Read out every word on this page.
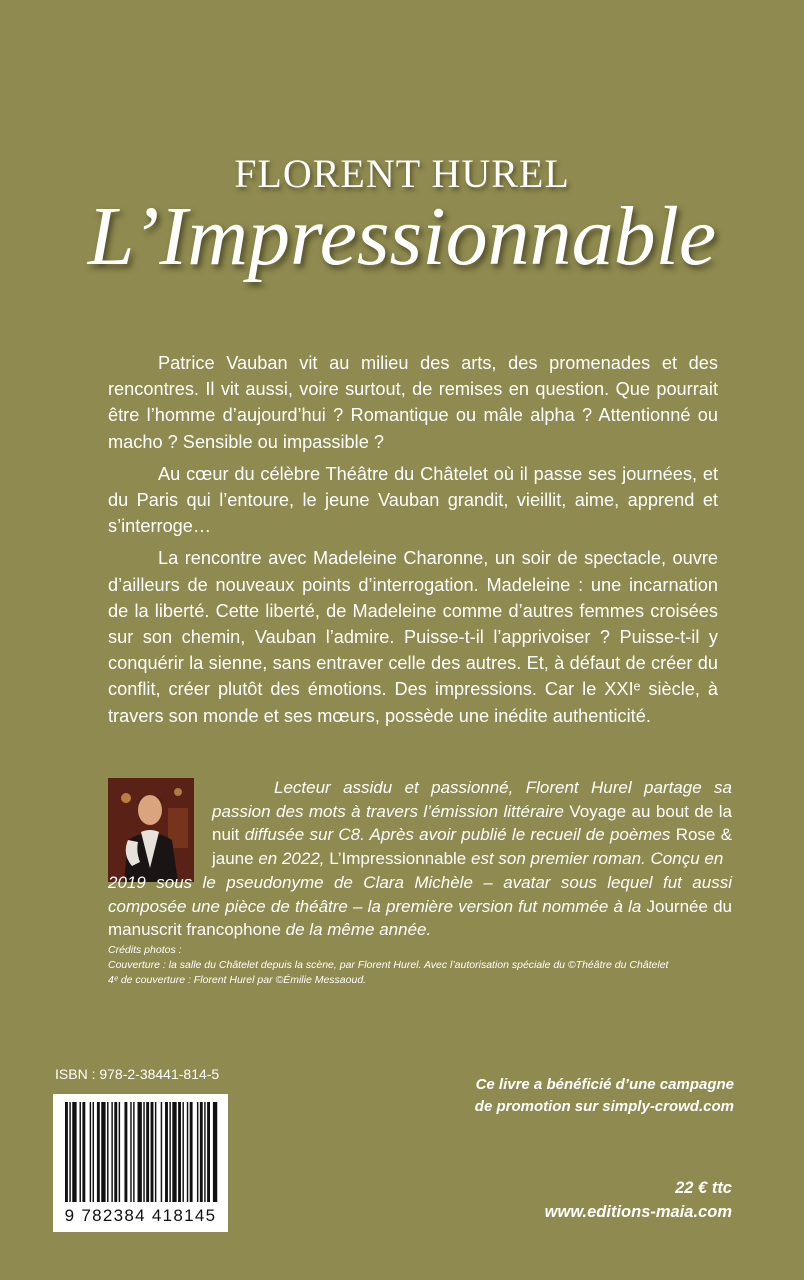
FLORENT HUREL
L’Impressionnable

Patrice Vauban vit au milieu des arts, des promenades et des rencontres. Il vit aussi, voire surtout, de remises en question. Que pourrait être l’homme d’aujourd’hui ? Romantique ou mâle alpha ? Attentionné ou macho ? Sensible ou impassible ?

Au cœur du célèbre Théâtre du Châtelet où il passe ses journées, et du Paris qui l’entoure, le jeune Vauban grandit, vieillit, aime, apprend et s’interroge…

La rencontre avec Madeleine Charonne, un soir de spectacle, ouvre d’ailleurs de nouveaux points d’interrogation. Madeleine : une incarnation de la liberté. Cette liberté, de Madeleine comme d’autres femmes croisées sur son chemin, Vauban l’admire. Puisse-t-il l’apprivoiser ? Puisse-t-il y conquérir la sienne, sans entraver celle des autres. Et, à défaut de créer du conflit, créer plutôt des émotions. Des impressions. Car le XXIᵉ siècle, à travers son monde et ses mœurs, possède une inédite authenticité.

Lecteur assidu et passionné, Florent Hurel partage sa passion des mots à travers l’émission littéraire Voyage au bout de la nuit diffusée sur C8. Après avoir publié le recueil de poèmes Rose & jaune en 2022, L’Impressionnable est son premier roman. Conçu en

2019 sous le pseudonyme de Clara Michèle – avatar sous lequel fut aussi composée une pièce de théâtre – la première version fut nommée à la Journée du manuscrit francophone de la même année.
Crédits photos :
Couverture : la salle du Châtelet depuis la scène, par Florent Hurel. Avec l’autorisation spéciale du ©Théâtre du Châtelet
4ᵉ de couverture : Florent Hurel par ©Émilie Messaoud.
ISBN : 978-2-38441-814-5
9 782384 418145
Ce livre a bénéficié d’une campagne
de promotion sur simply-crowd.com
22 € ttc
www.editions-maia.com
